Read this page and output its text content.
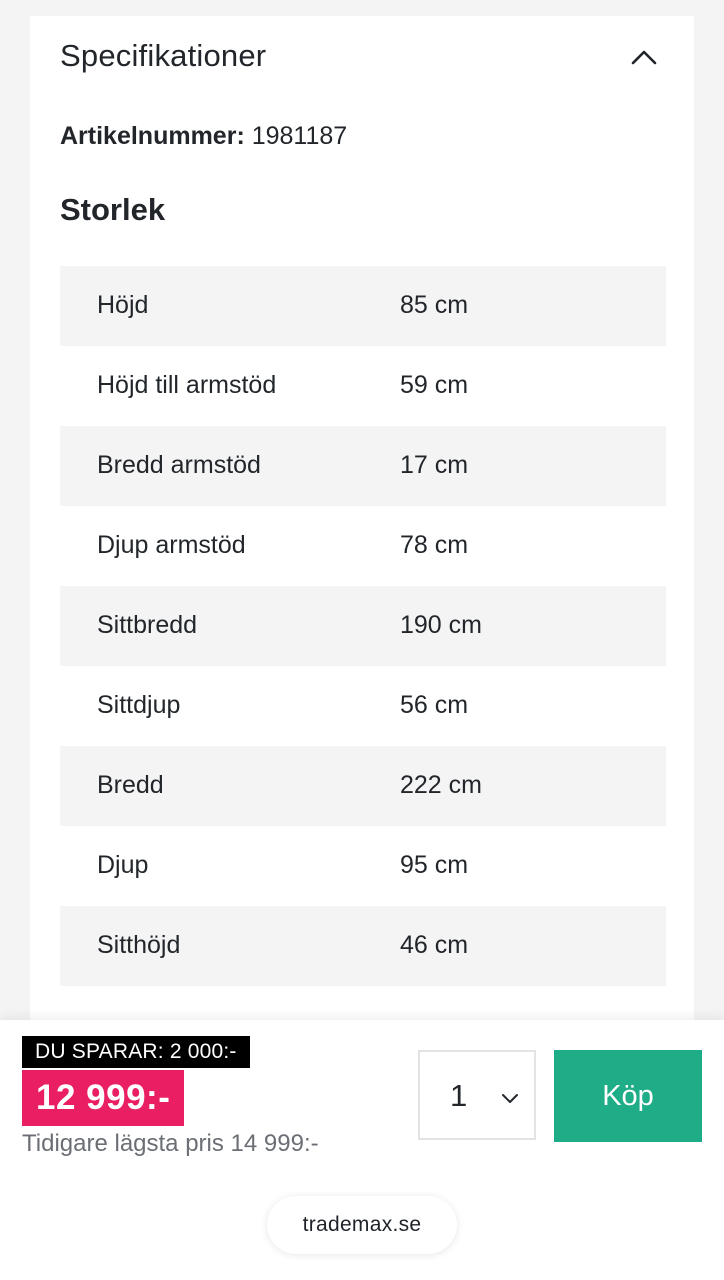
Specifikationer
Artikelnummer: 1981187
Storlek
Höjd	85 cm
Höjd till armstöd	59 cm
Bredd armstöd	17 cm
Djup armstöd	78 cm
Sittbredd	190 cm
Sittdjup	56 cm
Bredd	222 cm
Djup	95 cm
Sitthöjd	46 cm
DU SPARAR: 2 000:-
12 999:-
Tidigare lägsta pris 14 999:-
1	Köp
trademax.se
